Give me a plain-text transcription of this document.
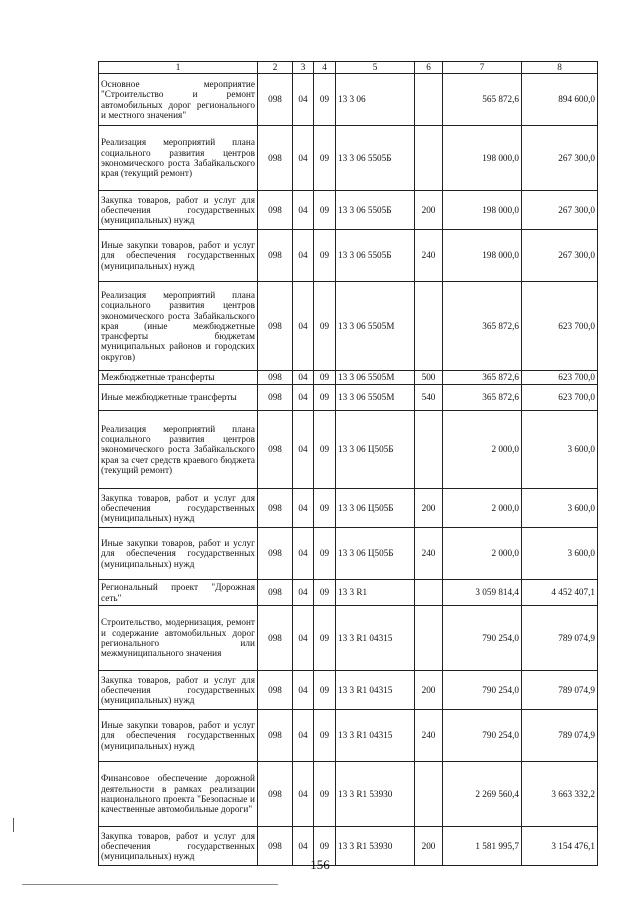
1	2	3	4	5	6	7	8
Основное мероприятие "Строительство и ремонт автомобильных дорог регионального и местного значения"	098	04	09	13 3 06		565 872,6	894 600,0
Реализация мероприятий плана социального развития центров экономического роста Забайкальского края (текущий ремонт)	098	04	09	13 3 06 5505Б		198 000,0	267 300,0
Закупка товаров, работ и услуг для обеспечения государственных (муниципальных) нужд	098	04	09	13 3 06 5505Б	200	198 000,0	267 300,0
Иные закупки товаров, работ и услуг для обеспечения государственных (муниципальных) нужд	098	04	09	13 3 06 5505Б	240	198 000,0	267 300,0
Реализация мероприятий плана социального развития центров экономического роста Забайкальского края (иные межбюджетные трансферты бюджетам муниципальных районов и городских округов)	098	04	09	13 3 06 5505М		365 872,6	623 700,0
Межбюджетные трансферты	098	04	09	13 3 06 5505М	500	365 872,6	623 700,0
Иные межбюджетные трансферты	098	04	09	13 3 06 5505М	540	365 872,6	623 700,0
Реализация мероприятий плана социального развития центров экономического роста Забайкальского края за счет средств краевого бюджета (текущий ремонт)	098	04	09	13 3 06 Ц505Б		2 000,0	3 600,0
Закупка товаров, работ и услуг для обеспечения государственных (муниципальных) нужд	098	04	09	13 3 06 Ц505Б	200	2 000,0	3 600,0
Иные закупки товаров, работ и услуг для обеспечения государственных (муниципальных) нужд	098	04	09	13 3 06 Ц505Б	240	2 000,0	3 600,0
Региональный проект "Дорожная сеть"	098	04	09	13 3 R1		3 059 814,4	4 452 407,1
Строительство, модернизация, ремонт и содержание автомобильных дорог регионального или межмуниципального значения	098	04	09	13 3 R1 04315		790 254,0	789 074,9
Закупка товаров, работ и услуг для обеспечения государственных (муниципальных) нужд	098	04	09	13 3 R1 04315	200	790 254,0	789 074,9
Иные закупки товаров, работ и услуг для обеспечения государственных (муниципальных) нужд	098	04	09	13 3 R1 04315	240	790 254,0	789 074,9
Финансовое обеспечение дорожной деятельности в рамках реализации национального проекта "Безопасные и качественные автомобильные дороги"	098	04	09	13 3 R1 53930		2 269 560,4	3 663 332,2
Закупка товаров, работ и услуг для обеспечения государственных (муниципальных) нужд	098	04	09	13 3 R1 53930	200	1 581 995,7	3 154 476,1
156
